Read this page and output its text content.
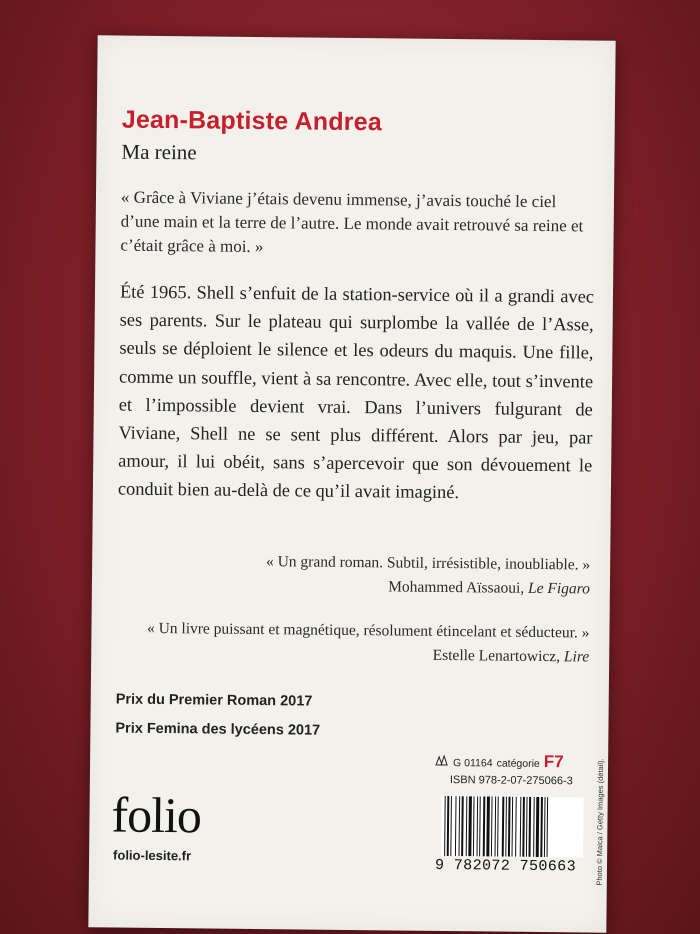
Jean-Baptiste Andrea
Ma reine

« Grâce à Viviane j’étais devenu immense, j’avais touché le ciel d’une main et la terre de l’autre. Le monde avait retrouvé sa reine et c’était grâce à moi. »

Été 1965. Shell s’enfuit de la station-service où il a grandi avec ses parents. Sur le plateau qui surplombe la vallée de l’Asse, seuls se déploient le silence et les odeurs du maquis. Une fille, comme un souffle, vient à sa rencontre. Avec elle, tout s’invente et l’impossible devient vrai. Dans l’univers fulgurant de Viviane, Shell ne se sent plus différent. Alors par jeu, par amour, il lui obéit, sans s’apercevoir que son dévouement le conduit bien au-delà de ce qu’il avait imaginé.

« Un grand roman. Subtil, irrésistible, inoubliable. »
Mohammed Aïssaoui, Le Figaro
« Un livre puissant et magnétique, résolument étincelant et séducteur. »
Estelle Lenartowicz, Lire
Prix du Premier Roman 2017
Prix Femina des lycéens 2017
G 01164 catégorie F7
ISBN 978-2-07-275066-3
folio
folio-lesite.fr
9 782072 750663 Photo © Maica / Getty Images (détail).
